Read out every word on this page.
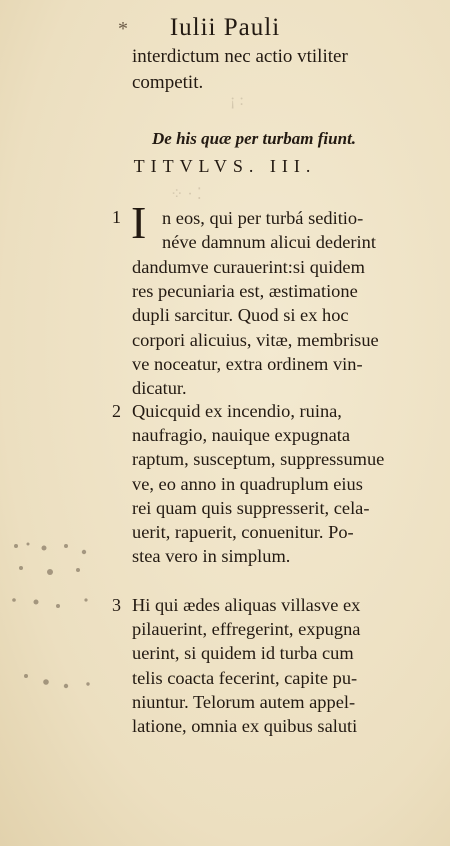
*	Iulii Pauli
interdictum nec actio vtiliter
competit.
¡ :
⁘ · ⁚
De his quæ per turbam fiunt.
TITVLVS. III.
1 I n eos, qui per turbá seditio-
néve damnum alicui dederint
dandumve curauerint:si quidem
res pecuniaria est, æstimatione
dupli sarcitur. Quod si ex hoc
corpori alicuius, vitæ, membrisue
ve noceatur, extra ordinem vin-
dicatur.
2 Quicquid ex incendio, ruina,
naufragio, nauique expugnata
raptum, susceptum, suppressumue
ve, eo anno in quadruplum eius
rei quam quis suppresserit, cela-
uerit, rapuerit, conuenitur. Po-
stea vero in simplum.
3 Hi qui ædes aliquas villasve ex
pilauerint, effregerint, expugna
uerint, si quidem id turba cum
telis coacta fecerint, capite pu-
niuntur. Telorum autem appel-
latione, omnia ex quibus saluti
